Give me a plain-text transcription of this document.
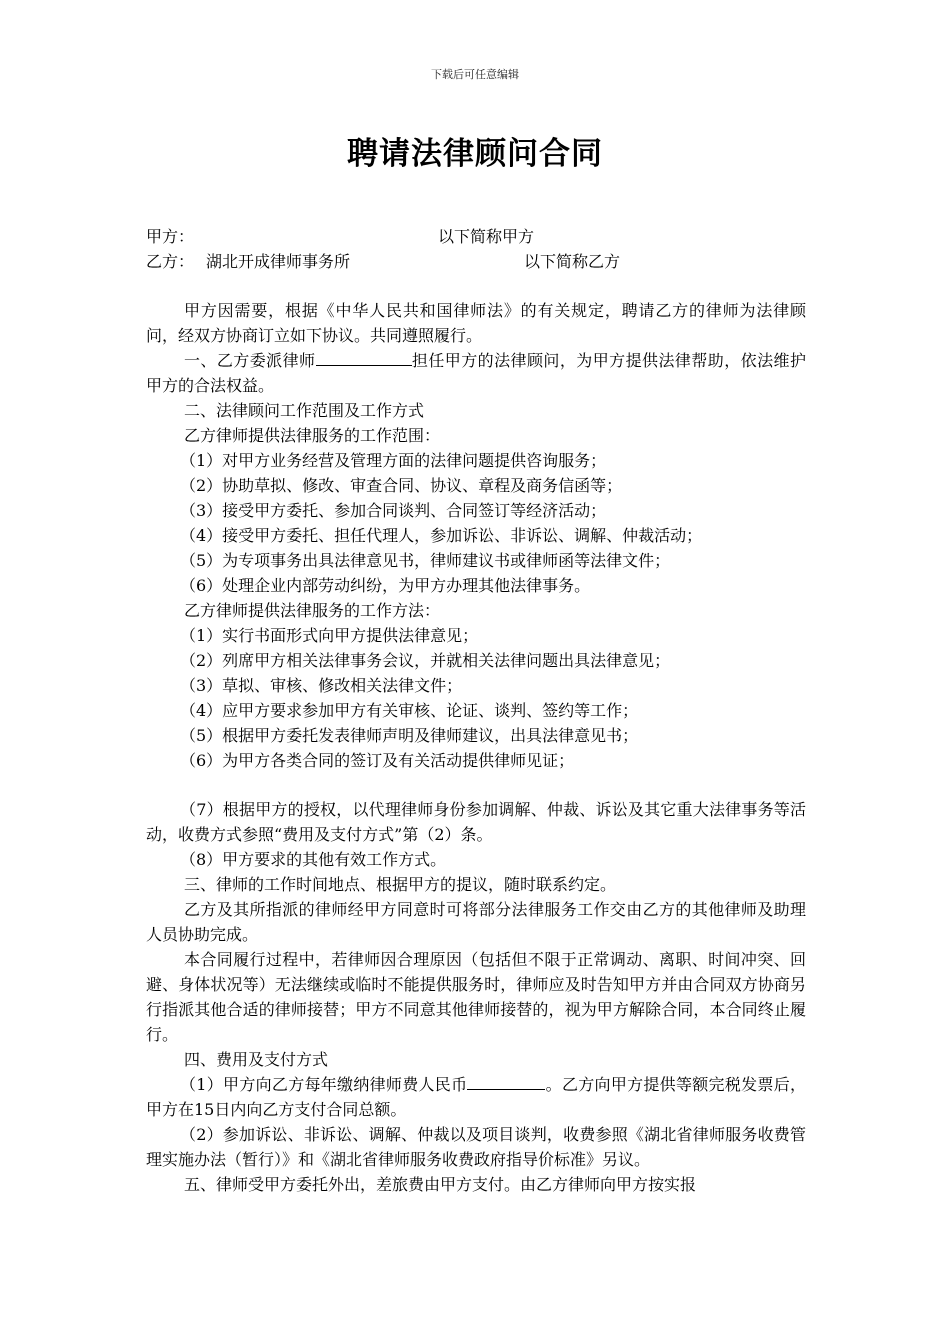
下载后可任意编辑
聘请法律顾问合同
甲方：	以下简称甲方
乙方： 湖北开成律师事务所	以下简称乙方

甲方因需要，根据《中华人民共和国律师法》的有关规定，聘请乙方的律师为法律顾问，经双方协商订立如下协议。共同遵照履行。

一、乙方委派律师	担任甲方的法律顾问，为甲方提供法律帮助，依法维护甲方的合法权益。

二、法律顾问工作范围及工作方式

乙方律师提供法律服务的工作范围：

（1）对甲方业务经营及管理方面的法律问题提供咨询服务；

（2）协助草拟、修改、审查合同、协议、章程及商务信函等；

（3）接受甲方委托、参加合同谈判、合同签订等经济活动；

（4）接受甲方委托、担任代理人，参加诉讼、非诉讼、调解、仲裁活动；

（5）为专项事务出具法律意见书，律师建议书或律师函等法律文件；

（6）处理企业内部劳动纠纷，为甲方办理其他法律事务。

乙方律师提供法律服务的工作方法：

（1）实行书面形式向甲方提供法律意见；

（2）列席甲方相关法律事务会议，并就相关法律问题出具法律意见；

（3）草拟、审核、修改相关法律文件；

（4）应甲方要求参加甲方有关审核、论证、谈判、签约等工作；

（5）根据甲方委托发表律师声明及律师建议，出具法律意见书；

（6）为甲方各类合同的签订及有关活动提供律师见证；

（7）根据甲方的授权，以代理律师身份参加调解、仲裁、诉讼及其它重大法律事务等活动，收费方式参照“费用及支付方式”第（2）条。

（8）甲方要求的其他有效工作方式。

三、律师的工作时间地点、根据甲方的提议，随时联系约定。

乙方及其所指派的律师经甲方同意时可将部分法律服务工作交由乙方的其他律师及助理人员协助完成。

本合同履行过程中，若律师因合理原因（包括但不限于正常调动、离职、时间冲突、回避、身体状况等）无法继续或临时不能提供服务时，律师应及时告知甲方并由合同双方协商另行指派其他合适的律师接替；甲方不同意其他律师接替的，视为甲方解除合同，本合同终止履行。

四、费用及支付方式

（1）甲方向乙方每年缴纳律师费人民币	。乙方向甲方提供等额完税发票后，甲方在15日内向乙方支付合同总额。

（2）参加诉讼、非诉讼、调解、仲裁以及项目谈判，收费参照《湖北省律师服务收费管理实施办法（暂行）》和《湖北省律师服务收费政府指导价标准》另议。

五、律师受甲方委托外出，差旅费由甲方支付。由乙方律师向甲方按实报
